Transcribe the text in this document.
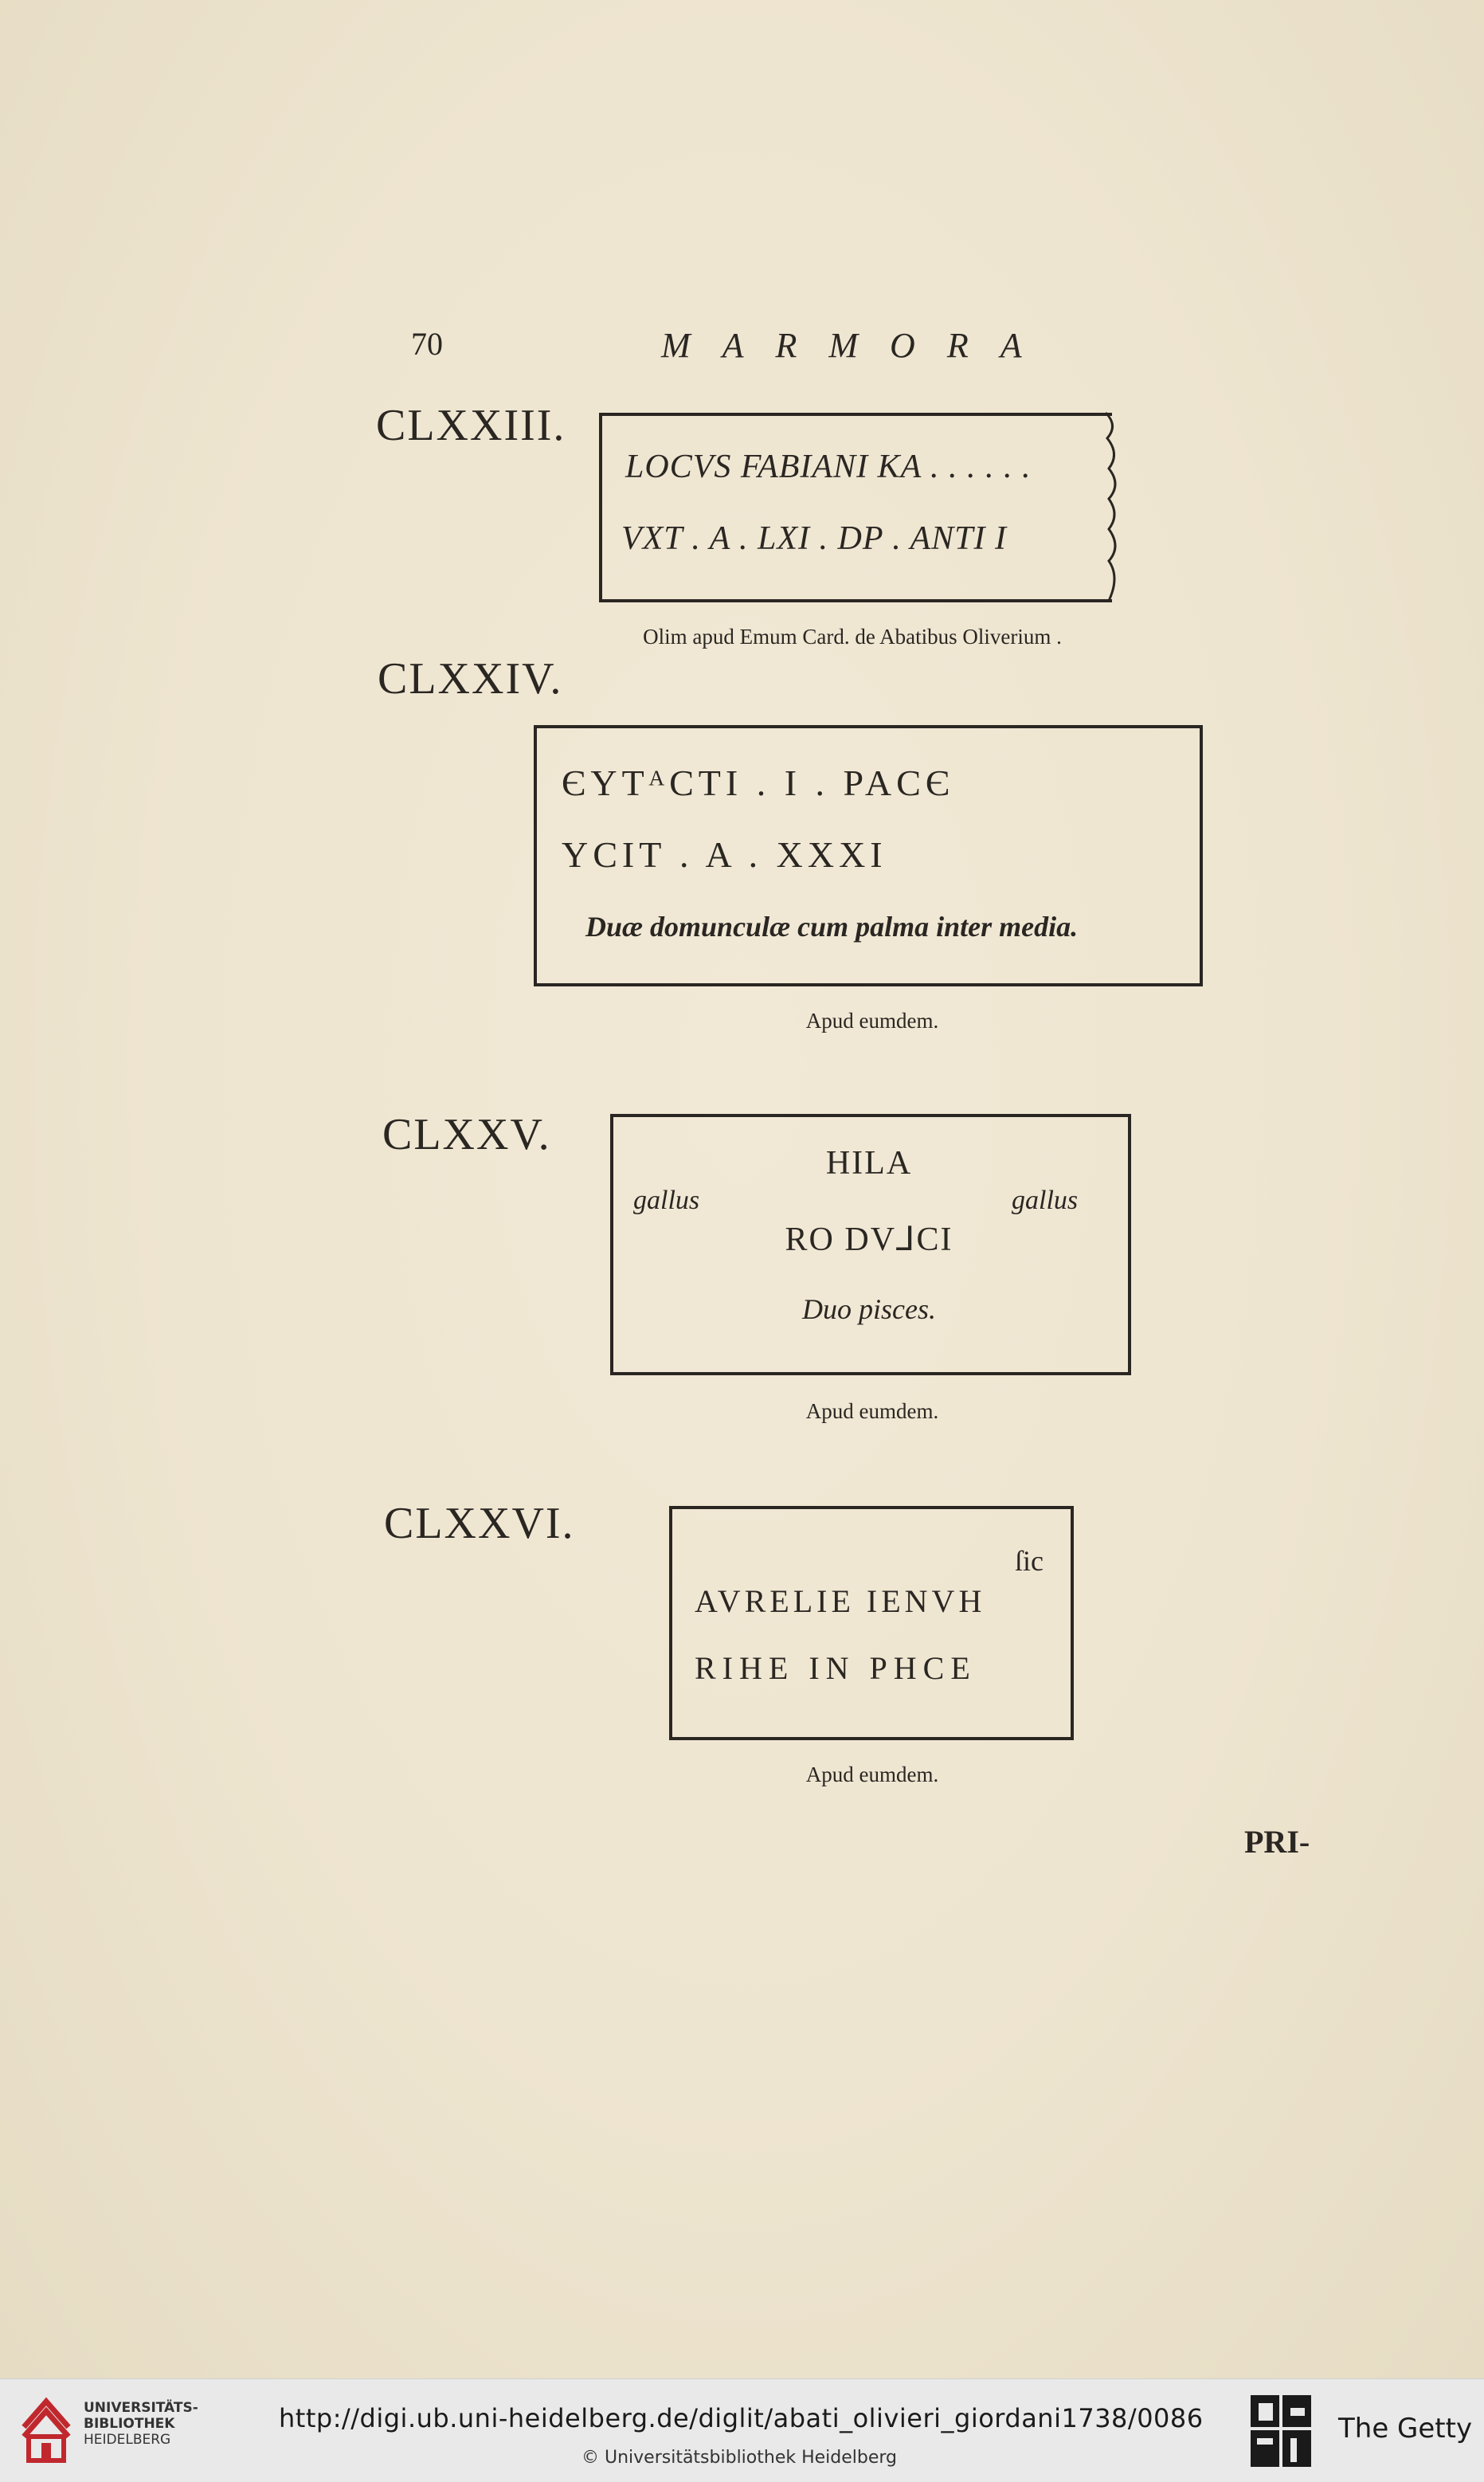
70	MARMORA
CLXXIII.
LOCVS FABIANI KA . . . . . .
VXT . A . LXI . DP . ANTI I
Olim apud Emum Card. de Abatibus Oliverium .
CLXXIV.
ЄΥΤᴬϹΤΙ . Ι . ΡΑϹЄ
ΥϹΙΤ . Α . XXXΙ
Duæ domunculæ cum palma inter media.
Apud eumdem.
CLXXV.
HILA
gallus	gallus
RO DV⅃CI
Duo pisces.
Apud eumdem.
CLXXVI.
ſic
AVRELIE IENVH
RIHE IN PHCE
Apud eumdem.
PRI-
UNIVERSITÄTS-
BIBLIOTHEK
HEIDELBERG
http://digi.ub.uni-heidelberg.de/diglit/abati_olivieri_giordani1738/0086
© Universitätsbibliothek Heidelberg
The Getty
